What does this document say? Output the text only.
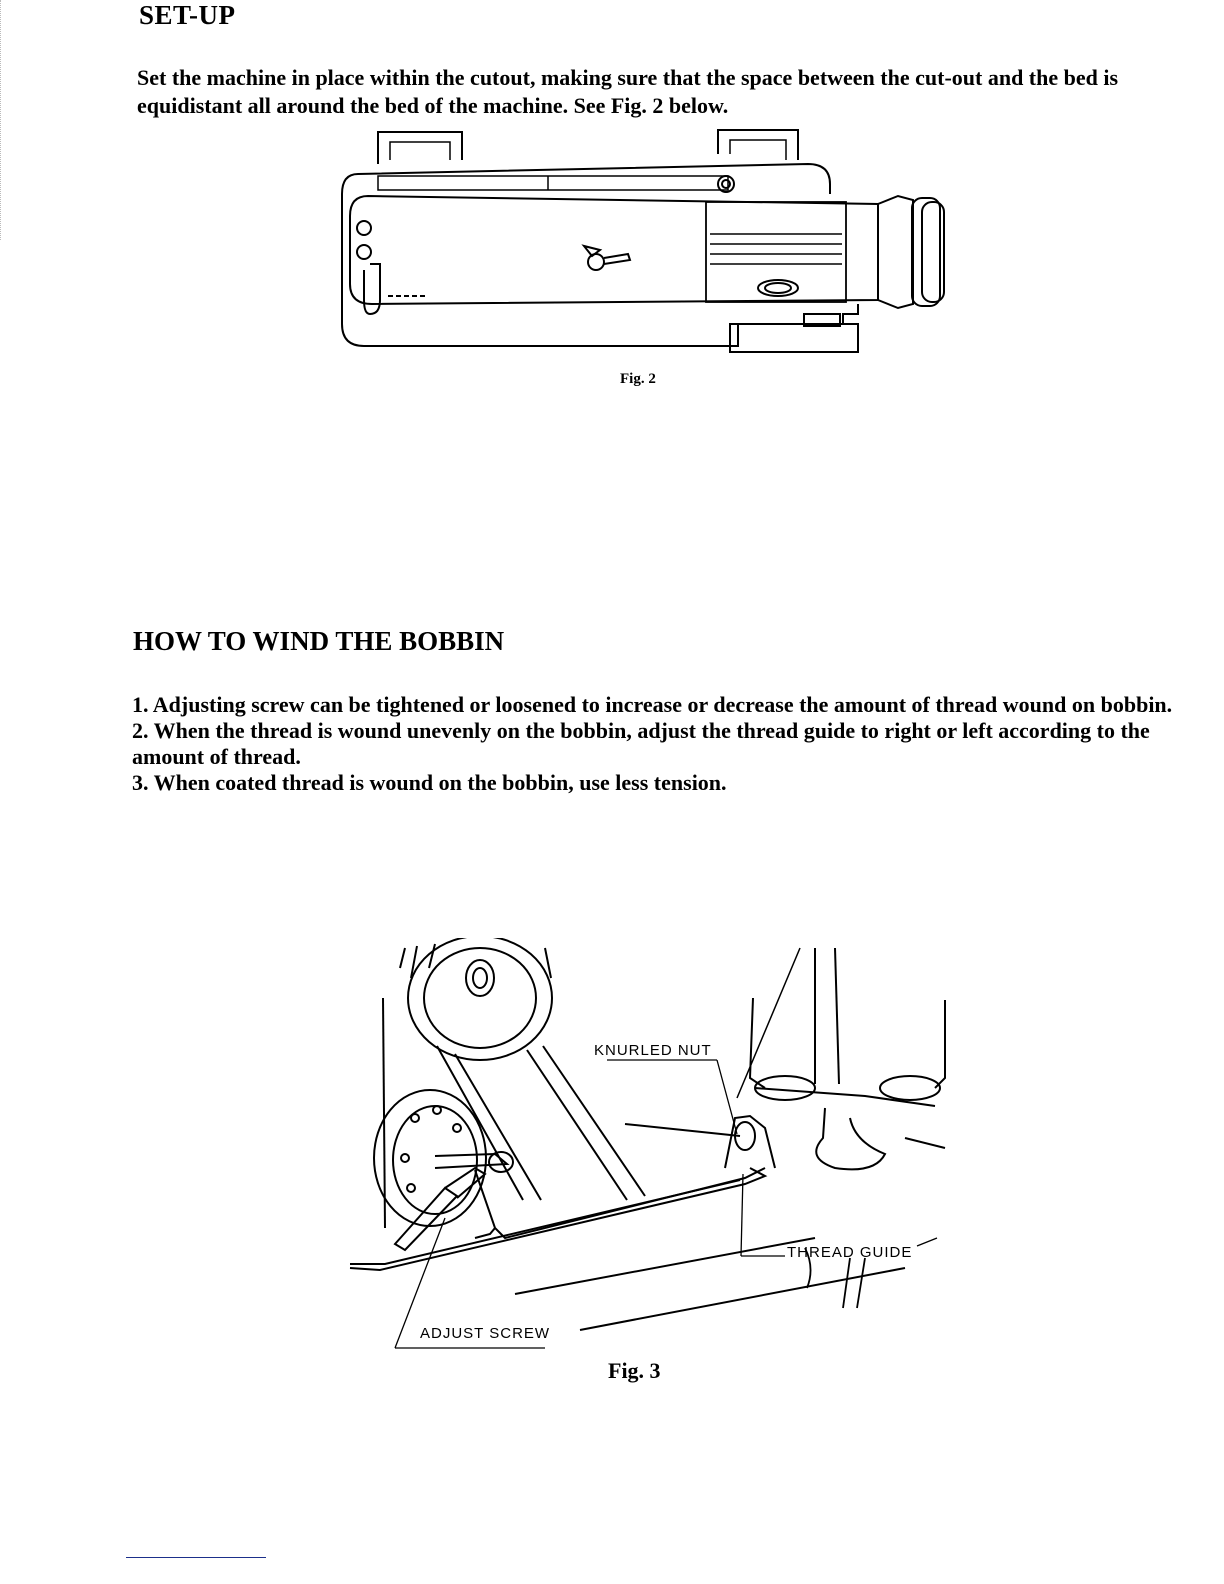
SET-UP
Set the machine in place within the cutout, making sure that the space between the cut-out and the bed is equidistant all around the bed of the machine. See Fig. 2 below.
Fig. 2
HOW TO WIND THE BOBBIN
1. Adjusting screw can be tightened or loosened to increase or decrease the amount of thread wound on bobbin.
2. When the thread is wound unevenly on the bobbin, adjust the thread guide to right or left according to the amount of thread.
3. When coated thread is wound on the bobbin, use less tension.
KNURLED NUT
THREAD GUIDE
ADJUST SCREW
Fig. 3
